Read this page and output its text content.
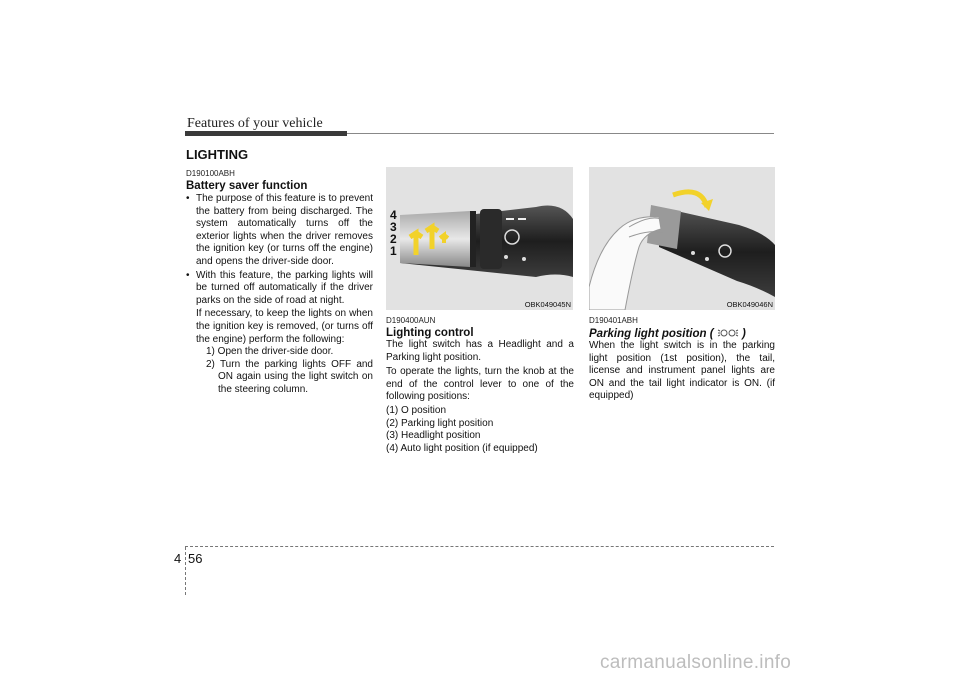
Features of your vehicle
LIGHTING
D190100ABH
Battery saver function
• The purpose of this feature is to prevent the battery from being discharged. The system automatically turns off the exterior lights when the driver removes the ignition key (or turns off the engine) and opens the driver-side door.
• With this feature, the parking lights will be turned off automatically if the driver parks on the side of road at night.
If necessary, to keep the lights on when the ignition key is removed, (or turns off the engine) perform the following:
1) Open the driver-side door.
2) Turn the parking lights OFF and ON again using the light switch on the steering column.
4
3
2
1
OBK049045N	OBK049046N
D190400AUN
Lighting control

The light switch has a Headlight and a Parking light position.

To operate the lights, turn the knob at the end of the control lever to one of the following positions:

(1) O position
(2) Parking light position
(3) Headlight position
(4) Auto light position (if equipped)
D190401ABH
Parking light position ( )

When the light switch is in the parking light position (1st position), the tail, license and instrument panel lights are ON and the tail light indicator is ON. (if equipped)

4 56
carmanualsonline.info
